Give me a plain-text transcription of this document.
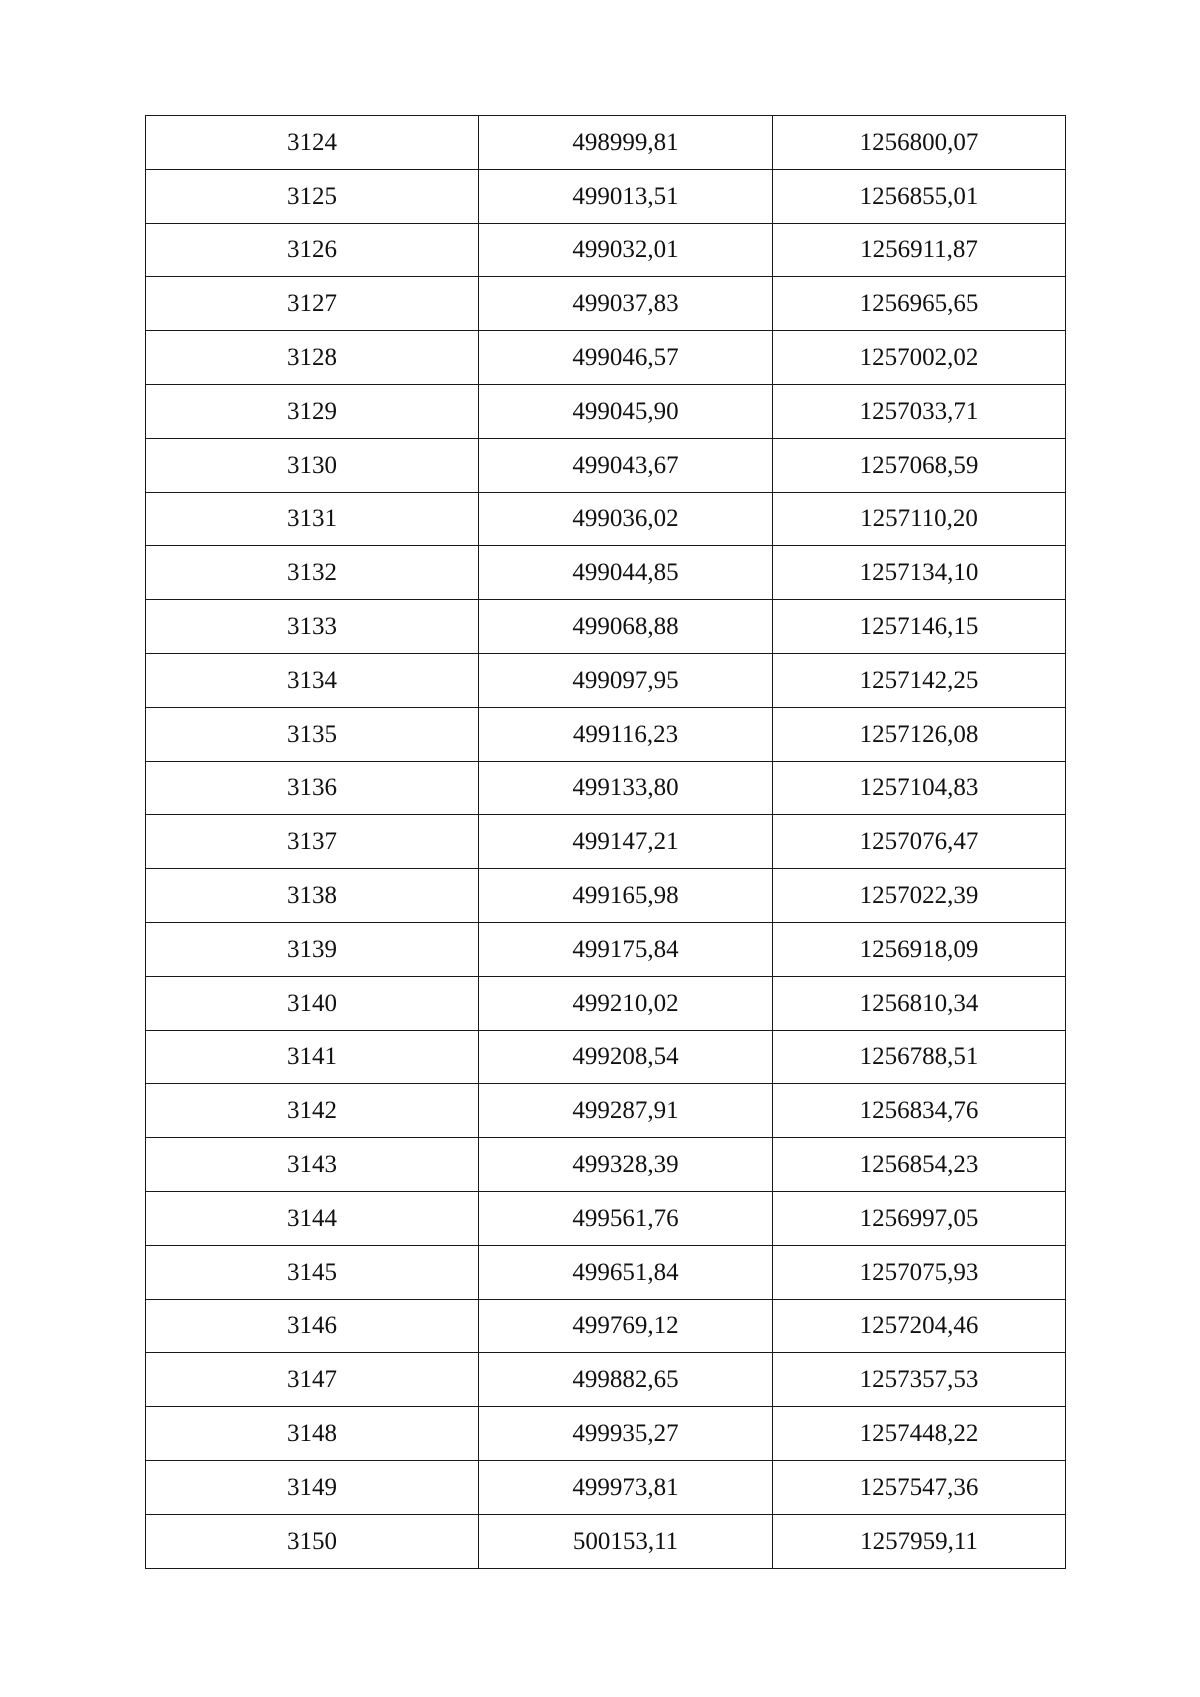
3124	498999,81	1256800,07
3125	499013,51	1256855,01
3126	499032,01	1256911,87
3127	499037,83	1256965,65
3128	499046,57	1257002,02
3129	499045,90	1257033,71
3130	499043,67	1257068,59
3131	499036,02	1257110,20
3132	499044,85	1257134,10
3133	499068,88	1257146,15
3134	499097,95	1257142,25
3135	499116,23	1257126,08
3136	499133,80	1257104,83
3137	499147,21	1257076,47
3138	499165,98	1257022,39
3139	499175,84	1256918,09
3140	499210,02	1256810,34
3141	499208,54	1256788,51
3142	499287,91	1256834,76
3143	499328,39	1256854,23
3144	499561,76	1256997,05
3145	499651,84	1257075,93
3146	499769,12	1257204,46
3147	499882,65	1257357,53
3148	499935,27	1257448,22
3149	499973,81	1257547,36
3150	500153,11	1257959,11
